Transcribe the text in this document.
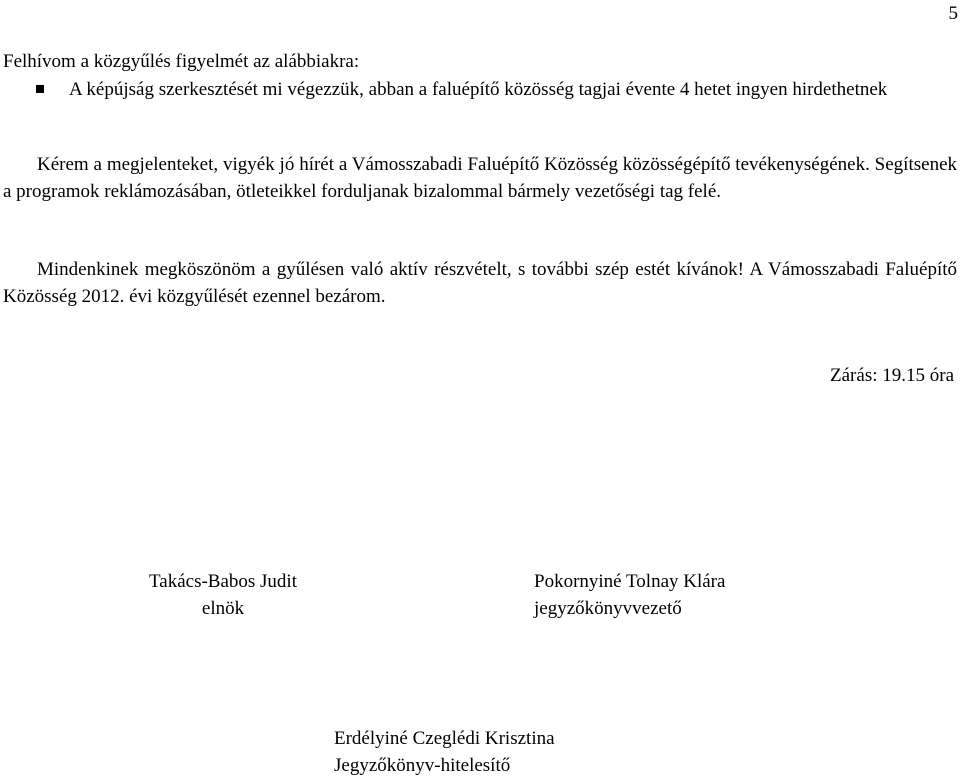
5
Felhívom a közgyűlés figyelmét az alábbiakra:
A képújság szerkesztését mi végezzük, abban a faluépítő közösség tagjai évente 4 hetet ingyen hirdethetnek
Kérem a megjelenteket, vigyék jó hírét a Vámosszabadi Faluépítő Közösség közösségépítő tevékenységének. Segítsenek a programok reklámozásában, ötleteikkel forduljanak bizalommal bármely vezetőségi tag felé.
Mindenkinek megköszönöm a gyűlésen való aktív részvételt, s további szép estét kívánok! A Vámosszabadi Faluépítő Közösség 2012. évi közgyűlését ezennel bezárom.
Zárás: 19.15 óra
Takács-Babos Judit
elnök
Pokornyiné Tolnay Klára
jegyzőkönyvvezető
Erdélyiné Czeglédi Krisztina
Jegyzőkönyv-hitelesítő
